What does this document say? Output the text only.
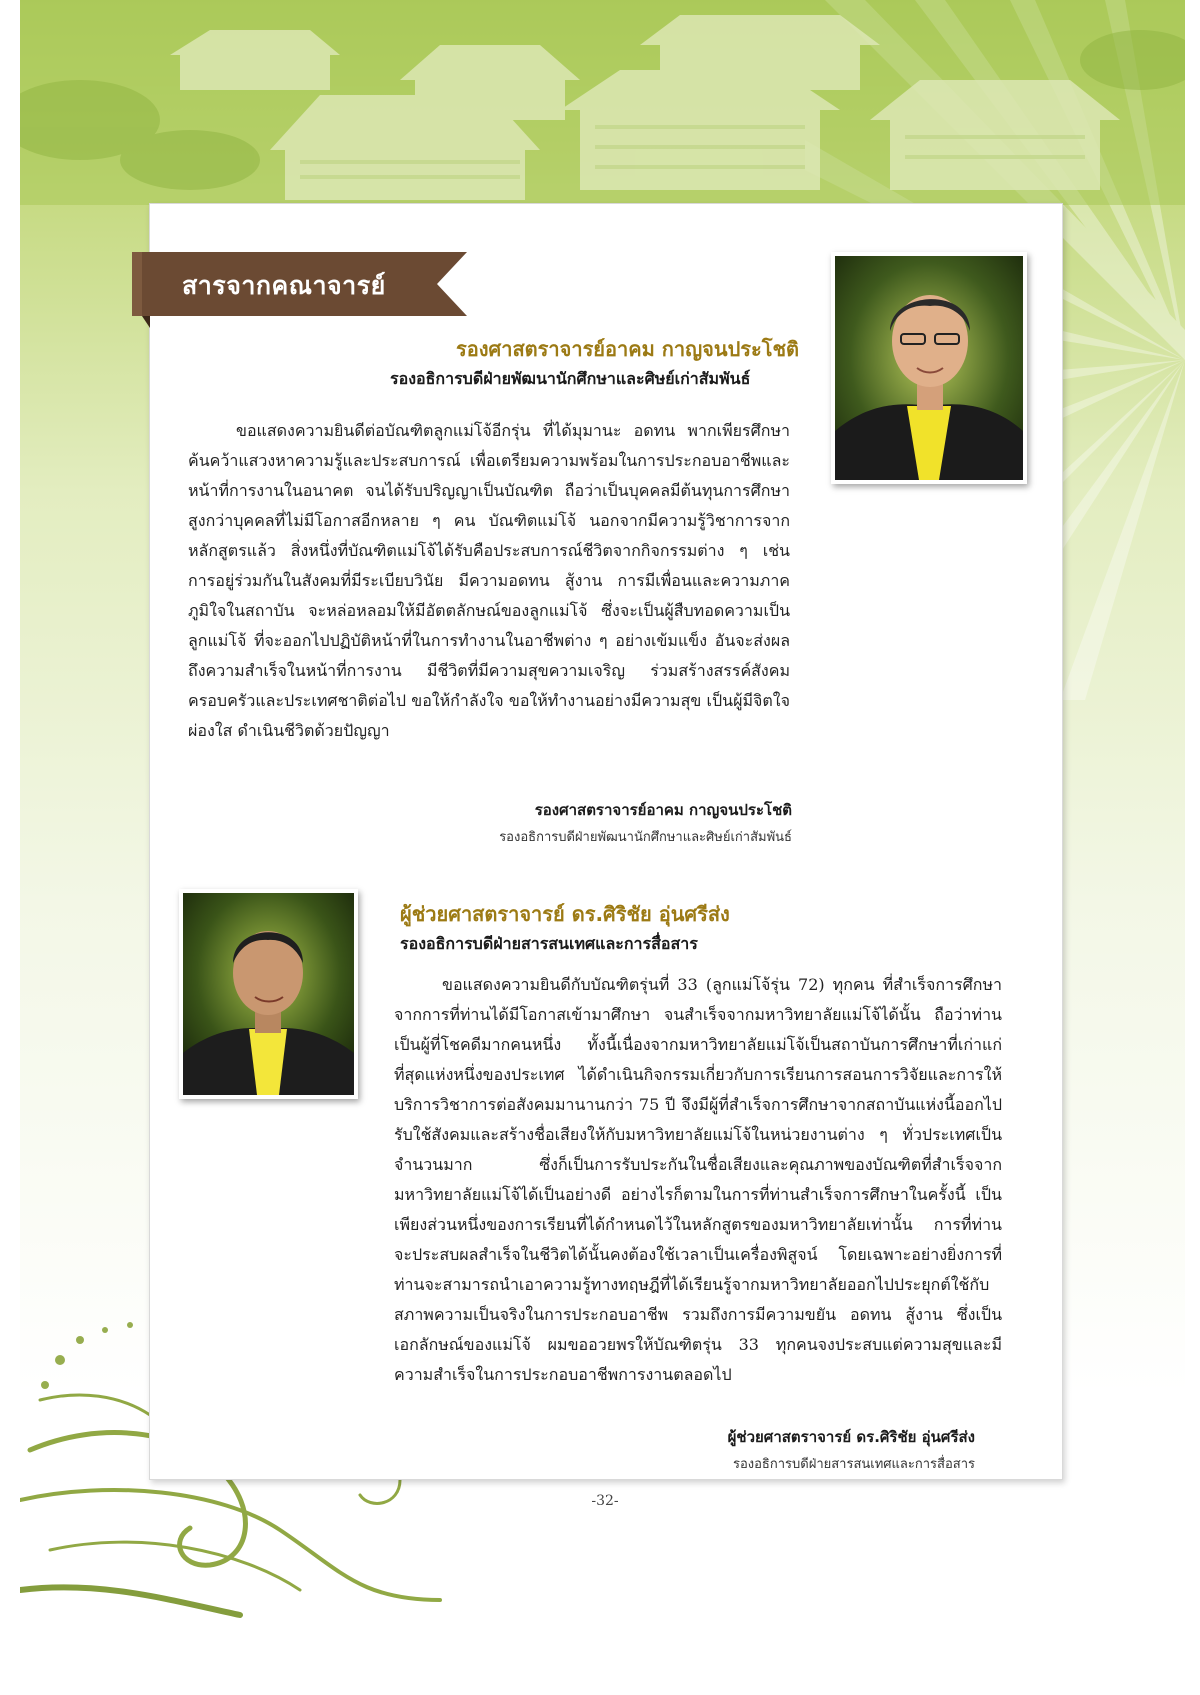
สารจากคณาจารย์
รองศาสตราจารย์อาคม กาญจนประโชติ
รองอธิการบดีฝ่ายพัฒนานักศึกษาและศิษย์เก่าสัมพันธ์

ขอแสดงความยินดีต่อบัณฑิตลูกแม่โจ้อีกรุ่น ที่ได้มุมานะ อดทน พากเพียรศึกษา ค้นคว้าแสวงหาความรู้และประสบการณ์ เพื่อเตรียมความพร้อมในการประกอบอาชีพและหน้าที่การงานในอนาคต จนได้รับปริญญาเป็นบัณฑิต ถือว่าเป็นบุคคลมีต้นทุนการศึกษาสูงกว่าบุคคลที่ไม่มีโอกาสอีกหลาย ๆ คน บัณฑิตแม่โจ้ นอกจากมีความรู้วิชาการจากหลักสูตรแล้ว สิ่งหนึ่งที่บัณฑิตแม่โจ้ได้รับคือประสบการณ์ชีวิตจากกิจกรรมต่าง ๆ เช่น การอยู่ร่วมกันในสังคมที่มีระเบียบวินัย มีความอดทน สู้งาน การมีเพื่อนและความภาคภูมิใจในสถาบัน จะหล่อหลอมให้มีอัตตลักษณ์ของลูกแม่โจ้ ซึ่งจะเป็นผู้สืบทอดความเป็นลูกแม่โจ้ ที่จะออกไปปฏิบัติหน้าที่ในการทำงานในอาชีพต่าง ๆ อย่างเข้มแข็ง อันจะส่งผลถึงความสำเร็จในหน้าที่การงาน มีชีวิตที่มีความสุขความเจริญ ร่วมสร้างสรรค์สังคม ครอบครัวและประเทศชาติต่อไป ขอให้กำลังใจ ขอให้ทำงานอย่างมีความสุข เป็นผู้มีจิตใจผ่องใส ดำเนินชีวิตด้วยปัญญา

รองศาสตราจารย์อาคม กาญจนประโชติ
รองอธิการบดีฝ่ายพัฒนานักศึกษาและศิษย์เก่าสัมพันธ์
ผู้ช่วยศาสตราจารย์ ดร.ศิริชัย อุ่นศรีส่ง
รองอธิการบดีฝ่ายสารสนเทศและการสื่อสาร

ขอแสดงความยินดีกับบัณฑิตรุ่นที่ 33 (ลูกแม่โจ้รุ่น 72) ทุกคน ที่สำเร็จการศึกษา จากการที่ท่านได้มีโอกาสเข้ามาศึกษา จนสำเร็จจากมหาวิทยาลัยแม่โจ้ได้นั้น ถือว่าท่านเป็นผู้ที่โชคดีมากคนหนึ่ง ทั้งนี้เนื่องจากมหาวิทยาลัยแม่โจ้เป็นสถาบันการศึกษาที่เก่าแก่ที่สุดแห่งหนึ่งของประเทศ ได้ดำเนินกิจกรรมเกี่ยวกับการเรียนการสอนการวิจัยและการให้บริการวิชาการต่อสังคมมานานกว่า 75 ปี จึงมีผู้ที่สำเร็จการศึกษาจากสถาบันแห่งนี้ออกไปรับใช้สังคมและสร้างชื่อเสียงให้กับมหาวิทยาลัยแม่โจ้ในหน่วยงานต่าง ๆ ทั่วประเทศเป็นจำนวนมาก ซึ่งก็เป็นการรับประกันในชื่อเสียงและคุณภาพของบัณฑิตที่สำเร็จจากมหาวิทยาลัยแม่โจ้ได้เป็นอย่างดี อย่างไรก็ตามในการที่ท่านสำเร็จการศึกษาในครั้งนี้ เป็นเพียงส่วนหนึ่งของการเรียนที่ได้กำหนดไว้ในหลักสูตรของมหาวิทยาลัยเท่านั้น การที่ท่านจะประสบผลสำเร็จในชีวิตได้นั้นคงต้องใช้เวลาเป็นเครื่องพิสูจน์ โดยเฉพาะอย่างยิ่งการที่ท่านจะสามารถนำเอาความรู้ทางทฤษฎีที่ได้เรียนรู้จากมหาวิทยาลัยออกไปประยุกต์ใช้กับสภาพความเป็นจริงในการประกอบอาชีพ รวมถึงการมีความขยัน อดทน สู้งาน ซึ่งเป็นเอกลักษณ์ของแม่โจ้ ผมขออวยพรให้บัณฑิตรุ่น 33 ทุกคนจงประสบแต่ความสุขและมีความสำเร็จในการประกอบอาชีพการงานตลอดไป

ผู้ช่วยศาสตราจารย์ ดร.ศิริชัย อุ่นศรีส่ง
รองอธิการบดีฝ่ายสารสนเทศและการสื่อสาร
-32-
